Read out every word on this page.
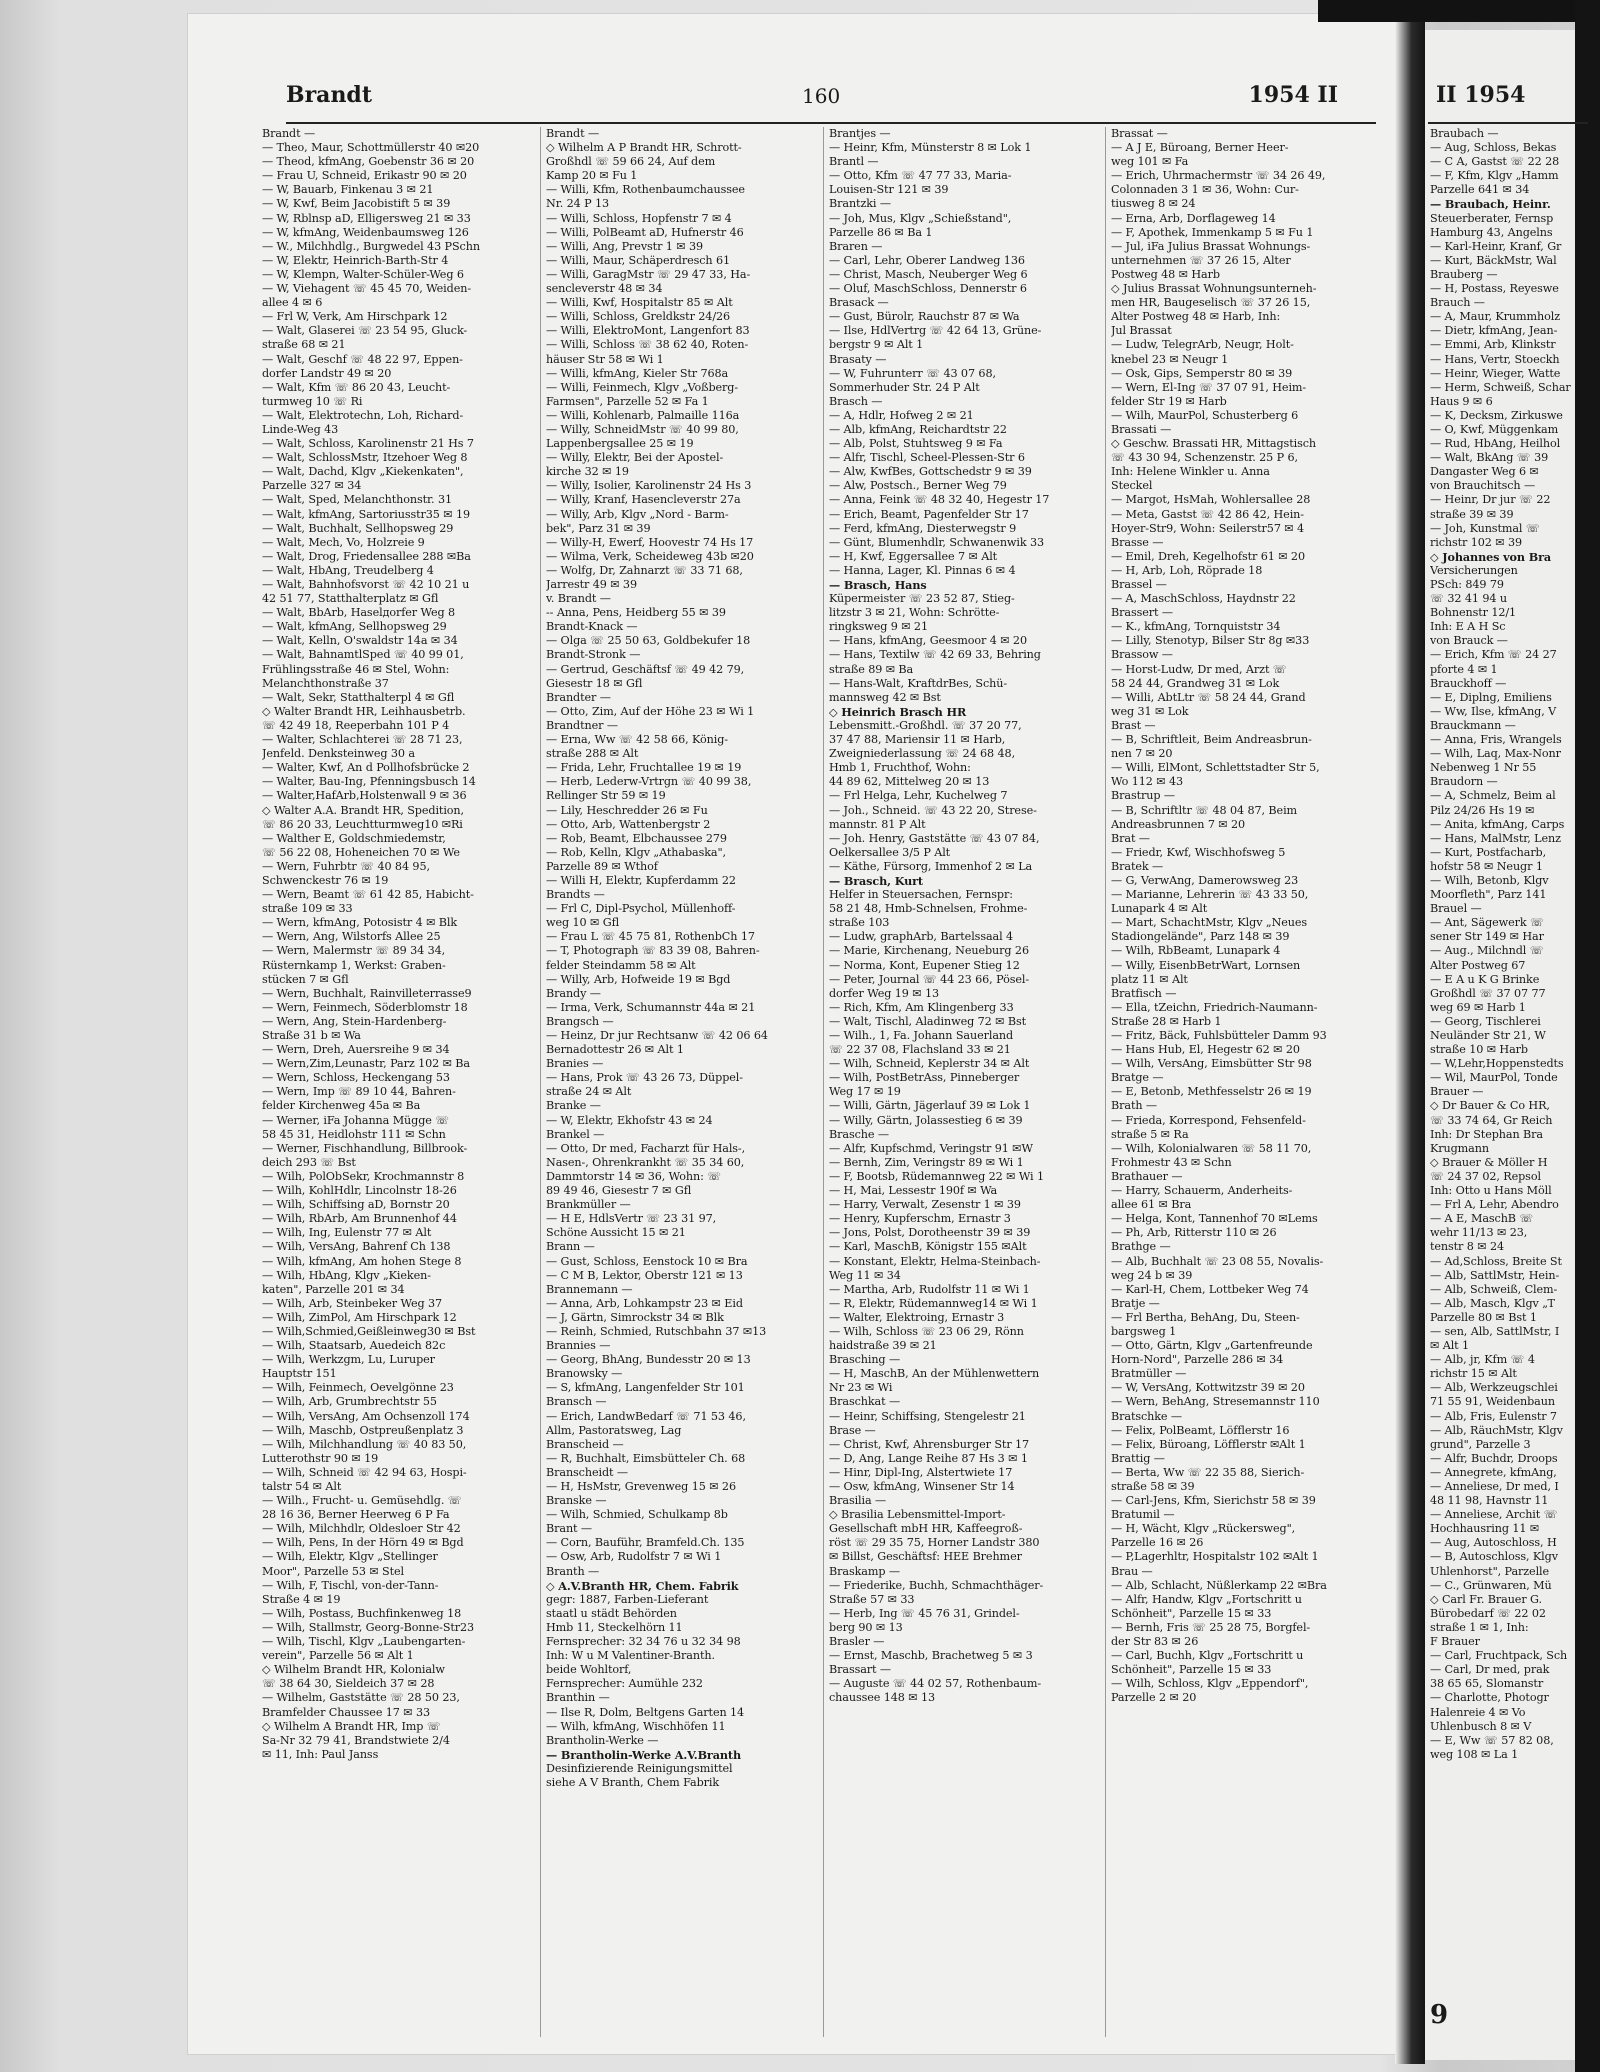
Brandt	160	1954 II	II 1954
Brandt —
— Theo, Maur, Schottmüllerstr 40 ✉20
— Theod, kfmAng, Goebenstr 36 ✉ 20
— Frau U, Schneid, Erikastr 90 ✉ 20
— W, Bauarb, Finkenau 3 ✉ 21
— W, Kwf, Beim Jacobistift 5 ✉ 39
— W, Rblnsp aD, Elligersweg 21 ✉ 33
— W, kfmAng, Weidenbaumsweg 126
— W., Milchhdlg., Burgwedel 43 PSchn
— W, Elektr, Heinrich-Barth-Str 4
— W, Klempn, Walter-Schüler-Weg 6
— W, Viehagent ☏ 45 45 70, Weiden-
allee 4 ✉ 6
— Frl W, Verk, Am Hirschpark 12
— Walt, Glaserei ☏ 23 54 95, Gluck-
straße 68 ✉ 21
— Walt, Geschf ☏ 48 22 97, Eppen-
dorfer Landstr 49 ✉ 20
— Walt, Kfm ☏ 86 20 43, Leucht-
turmweg 10 ☏ Ri
— Walt, Elektrotechn, Loh, Richard-
Linde-Weg 43
— Walt, Schloss, Karolinenstr 21 Hs 7
— Walt, SchlossMstr, Itzehoer Weg 8
— Walt, Dachd, Klgv „Kiekenkaten",
Parzelle 327 ✉ 34
— Walt, Sped, Melanchthonstr. 31
— Walt, kfmAng, Sartoriusstr35 ✉ 19
— Walt, Buchhalt, Sellhopsweg 29
— Walt, Mech, Vo, Holzreie 9
— Walt, Drog, Friedensallee 288 ✉Ba
— Walt, HbAng, Treudelberg 4
— Walt, Bahnhofsvorst ☏ 42 10 21 u
42 51 77, Statthalterplatz ✉ Gfl
— Walt, BbArb, Haselдorfer Weg 8
— Walt, kfmAng, Sellhopsweg 29
— Walt, Kelln, O'swaldstr 14a ✉ 34
— Walt, BahnamtlSped ☏ 40 99 01,
Frühlingsstraße 46 ✉ Stel, Wohn:
Melanchthonstraße 37
— Walt, Sekr, Statthalterpl 4 ✉ Gfl
◇ Walter Brandt HR, Leihhausbetrb.
☏ 42 49 18, Reeperbahn 101 P 4
— Walter, Schlachterei ☏ 28 71 23,
Jenfeld. Denksteinweg 30 a
— Walter, Kwf, An d Pollhofsbrücke 2
— Walter, Bau-Ing, Pfenningsbusch 14
— Walter,HafArb,Holstenwall 9 ✉ 36
◇ Walter A.A. Brandt HR, Spedition,
☏ 86 20 33, Leuchtturmweg10 ✉Ri
— Walther E, Goldschmiedemstr,
☏ 56 22 08, Hoheneichen 70 ✉ We
— Wern, Fuhrbtr ☏ 40 84 95,
Schwenckestr 76 ✉ 19
— Wern, Beamt ☏ 61 42 85, Habicht-
straße 109 ✉ 33
— Wern, kfmAng, Potosistr 4 ✉ Blk
— Wern, Ang, Wilstorfs Allee 25
— Wern, Malermstr ☏ 89 34 34,
Rüsternkamp 1, Werkst: Graben-
stücken 7 ✉ Gfl
— Wern, Buchhalt, Rainvilleterrasse9
— Wern, Feinmech, Söderblomstr 18
— Wern, Ang, Stein-Hardenberg-
Straße 31 b ✉ Wa
— Wern, Dreh, Auersreihe 9 ✉ 34
— Wern,Zim,Leunastr, Parz 102 ✉ Ba
— Wern, Schloss, Heckengang 53
— Wern, Imp ☏ 89 10 44, Bahren-
felder Kirchenweg 45a ✉ Ba
— Werner, iFa Johanna Mügge ☏
58 45 31, Heidlohstr 111 ✉ Schn
— Werner, Fischhandlung, Billbrook-
deich 293 ☏ Bst
— Wilh, PolObSekr, Krochmannstr 8
— Wilh, KohlHdlr, Lincolnstr 18-26
— Wilh, Schiffsing aD, Bornstr 20
— Wilh, RbArb, Am Brunnenhof 44
— Wilh, Ing, Eulenstr 77 ✉ Alt
— Wilh, VersAng, Bahrenf Ch 138
— Wilh, kfmAng, Am hohen Stege 8
— Wilh, HbAng, Klgv „Kieken-
katen", Parzelle 201 ✉ 34
— Wilh, Arb, Steinbeker Weg 37
— Wilh, ZimPol, Am Hirschpark 12
— Wilh,Schmied,Geißleinweg30 ✉ Bst
— Wilh, Staatsarb, Auedeich 82c
— Wilh, Werkzgm, Lu, Luruper
Hauptstr 151
— Wilh, Feinmech, Oevelgönne 23
— Wilh, Arb, Grumbrechtstr 55
— Wilh, VersAng, Am Ochsenzoll 174
— Wilh, Maschb, Ostpreußenplatz 3
— Wilh, Milchhandlung ☏ 40 83 50,
Lutterothstr 90 ✉ 19
— Wilh, Schneid ☏ 42 94 63, Hospi-
talstr 54 ✉ Alt
— Wilh., Frucht- u. Gemüsehdlg. ☏
28 16 36, Berner Heerweg 6 P Fa
— Wilh, Milchhdlr, Oldesloer Str 42
— Wilh, Pens, In der Hörn 49 ✉ Bgd
— Wilh, Elektr, Klgv „Stellinger
Moor", Parzelle 53 ✉ Stel
— Wilh, F, Tischl, von-der-Tann-
Straße 4 ✉ 19
— Wilh, Postass, Buchfinkenweg 18
— Wilh, Stallmstr, Georg-Bonne-Str23
— Wilh, Tischl, Klgv „Laubengarten-
verein", Parzelle 56 ✉ Alt 1
◇ Wilhelm Brandt HR, Kolonialw
☏ 38 64 30, Sieldeich 37 ✉ 28
— Wilhelm, Gaststätte ☏ 28 50 23,
Bramfelder Chaussee 17 ✉ 33
◇ Wilhelm A Brandt HR, Imp ☏
Sa-Nr 32 79 41, Brandstwiete 2/4
✉ 11, Inh: Paul Janss
Brandt —
◇ Wilhelm A P Brandt HR, Schrott-
Großhdl ☏ 59 66 24, Auf dem
Kamp 20 ✉ Fu 1
— Willi, Kfm, Rothenbaumchaussee
Nr. 24 P 13
— Willi, Schloss, Hopfenstr 7 ✉ 4
— Willi, PolBeamt aD, Hufnerstr 46
— Willi, Ang, Prevstr 1 ✉ 39
— Willi, Maur, Schäperdresch 61
— Willi, GaragMstr ☏ 29 47 33, Ha-
sencleverstr 48 ✉ 34
— Willi, Kwf, Hospitalstr 85 ✉ Alt
— Willi, Schloss, Greldkstr 24/26
— Willi, ElektroMont, Langenfort 83
— Willi, Schloss ☏ 38 62 40, Roten-
häuser Str 58 ✉ Wi 1
— Willi, kfmAng, Kieler Str 768a
— Willi, Feinmech, Klgv „Voßberg-
Farmsen", Parzelle 52 ✉ Fa 1
— Willi, Kohlenarb, Palmaille 116a
— Willy, SchneidMstr ☏ 40 99 80,
Lappenbergsallee 25 ✉ 19
— Willy, Elektr, Bei der Apostel-
kirche 32 ✉ 19
— Willy, Isolier, Karolinenstr 24 Hs 3
— Willy, Kranf, Hasencleverstr 27a
— Willy, Arb, Klgv „Nord - Barm-
bek", Parz 31 ✉ 39
— Willy-H, Ewerf, Hoovestr 74 Hs 17
— Wilma, Verk, Scheideweg 43b ✉20
— Wolfg, Dr, Zahnarzt ☏ 33 71 68,
Jarrestr 49 ✉ 39
v. Brandt —
-- Anna, Pens, Heidberg 55 ✉ 39
Brandt-Knack —
— Olga ☏ 25 50 63, Goldbekufer 18
Brandt-Stronk —
— Gertrud, Geschäftsf ☏ 49 42 79,
Giesestr 18 ✉ Gfl
Brandter —
— Otto, Zim, Auf der Höhe 23 ✉ Wi 1
Brandtner —
— Erna, Ww ☏ 42 58 66, König-
straße 288 ✉ Alt
— Frida, Lehr, Fruchtallee 19 ✉ 19
— Herb, Lederw-Vrtrgn ☏ 40 99 38,
Rellinger Str 59 ✉ 19
— Lily, Heschredder 26 ✉ Fu
— Otto, Arb, Wattenbergstr 2
— Rob, Beamt, Elbchaussee 279
— Rob, Kelln, Klgv „Athabaska",
Parzelle 89 ✉ Wthof
— Willi H, Elektr, Kupferdamm 22
Brandts —
— Frl C, Dipl-Psychol, Müllenhoff-
weg 10 ✉ Gfl
— Frau L ☏ 45 75 81, RothenbCh 17
— T, Photograph ☏ 83 39 08, Bahren-
felder Steindamm 58 ✉ Alt
— Willy, Arb, Hofweide 19 ✉ Bgd
Brandy —
— Irma, Verk, Schumannstr 44a ✉ 21
Brangsch —
— Heinz, Dr jur Rechtsanw ☏ 42 06 64
Bernadottestr 26 ✉ Alt 1
Branies —
— Hans, Prok ☏ 43 26 73, Düppel-
straße 24 ✉ Alt
Branke —
— W, Elektr, Ekhofstr 43 ✉ 24
Brankel —
— Otto, Dr med, Facharzt für Hals-,
Nasen-, Ohrenkrankht ☏ 35 34 60,
Dammtorstr 14 ✉ 36, Wohn: ☏
89 49 46, Giesestr 7 ✉ Gfl
Brankmüller —
— H E, HdlsVertr ☏ 23 31 97,
Schöne Aussicht 15 ✉ 21
Brann —
— Gust, Schloss, Eenstock 10 ✉ Bra
— C M B, Lektor, Oberstr 121 ✉ 13
Brannemann —
— Anna, Arb, Lohkampstr 23 ✉ Eid
— J, Gärtn, Simrockstr 34 ✉ Blk
— Reinh, Schmied, Rutschbahn 37 ✉13
Brannies —
— Georg, BhAng, Bundesstr 20 ✉ 13
Branowsky —
— S, kfmAng, Langenfelder Str 101
Bransch —
— Erich, LandwBedarf ☏ 71 53 46,
Allm, Pastoratsweg, Lag
Branscheid —
— R, Buchhalt, Eimsbütteler Ch. 68
Branscheidt —
— H, HsMstr, Grevenweg 15 ✉ 26
Branske —
— Wilh, Schmied, Schulkamp 8b
Brant —
— Corn, Bauführ, Bramfeld.Ch. 135
— Osw, Arb, Rudolfstr 7 ✉ Wi 1
Branth —
◇ A.V.Branth HR, Chem. Fabrik
gegr: 1887, Farben-Lieferant
staatl u städt Behörden
Hmb 11, Steckelhörn 11
Fernsprecher: 32 34 76 u 32 34 98
Inh: W u M Valentiner-Branth.
beide Wohltorf,
Fernsprecher: Aumühle 232
Branthin —
— Ilse R, Dolm, Beltgens Garten 14
— Wilh, kfmAng, Wischhöfen 11
Brantholin-Werke —
— Brantholin-Werke A.V.Branth
Desinfizierende Reinigungsmittel
siehe A V Branth, Chem Fabrik
Brantjes —
— Heinr, Kfm, Münsterstr 8 ✉ Lok 1
Brantl —
— Otto, Kfm ☏ 47 77 33, Maria-
Louisen-Str 121 ✉ 39
Brantzki —
— Joh, Mus, Klgv „Schießstand",
Parzelle 86 ✉ Ba 1
Braren —
— Carl, Lehr, Oberer Landweg 136
— Christ, Masch, Neuberger Weg 6
— Oluf, MaschSchloss, Dennerstr 6
Brasack —
— Gust, Bürolr, Rauchstr 87 ✉ Wa
— Ilse, HdlVertrg ☏ 42 64 13, Grüne-
bergstr 9 ✉ Alt 1
Brasaty —
— W, Fuhrunterr ☏ 43 07 68,
Sommerhuder Str. 24 P Alt
Brasch —
— A, Hdlr, Hofweg 2 ✉ 21
— Alb, kfmAng, Reichardtstr 22
— Alb, Polst, Stuhtsweg 9 ✉ Fa
— Alfr, Tischl, Scheel-Plessen-Str 6
— Alw, KwfBes, Gottschedstr 9 ✉ 39
— Alw, Postsch., Berner Weg 79
— Anna, Feink ☏ 48 32 40, Hegestr 17
— Erich, Beamt, Pagenfelder Str 17
— Ferd, kfmAng, Diesterwegstr 9
— Günt, Blumenhdlr, Schwanenwik 33
— H, Kwf, Eggersallee 7 ✉ Alt
— Hanna, Lager, Kl. Pinnas 6 ✉ 4
— Brasch, Hans
Küpermeister ☏ 23 52 87, Stieg-
litzstr 3 ✉ 21, Wohn: Schrötte-
ringksweg 9 ✉ 21
— Hans, kfmAng, Geesmoor 4 ✉ 20
— Hans, Textilw ☏ 42 69 33, Behring
straße 89 ✉ Ba
— Hans-Walt, KraftdrBes, Schü-
mannsweg 42 ✉ Bst
◇ Heinrich Brasch HR
Lebensmitt.-Großhdl. ☏ 37 20 77,
37 47 88, Mariensir 11 ✉ Harb,
Zweigniederlassung ☏ 24 68 48,
Hmb 1, Fruchthof, Wohn:
44 89 62, Mittelweg 20 ✉ 13
— Frl Helga, Lehr, Kuchelweg 7
— Joh., Schneid. ☏ 43 22 20, Strese-
mannstr. 81 P Alt
— Joh. Henry, Gaststätte ☏ 43 07 84,
Oelkersallee 3/5 P Alt
— Käthe, Fürsorg, Immenhof 2 ✉ La
— Brasch, Kurt
Helfer in Steuersachen, Fernspr:
58 21 48, Hmb-Schnelsen, Frohme-
straße 103
— Ludw, graphArb, Bartelssaal 4
— Marie, Kirchenang, Neueburg 26
— Norma, Kont, Eupener Stieg 12
— Peter, Journal ☏ 44 23 66, Pösel-
dorfer Weg 19 ✉ 13
— Rich, Kfm, Am Klingenberg 33
— Walt, Tischl, Aladinweg 72 ✉ Bst
— Wilh., 1, Fa. Johann Sauerland
☏ 22 37 08, Flachsland 33 ✉ 21
— Wilh, Schneid, Keplerstr 34 ✉ Alt
— Wilh, PostBetrAss, Pinneberger
Weg 17 ✉ 19
— Willi, Gärtn, Jägerlauf 39 ✉ Lok 1
— Willy, Gärtn, Jolassestieg 6 ✉ 39
Brasche —
— Alfr, Kupfschmd, Veringstr 91 ✉W
— Bernh, Zim, Veringstr 89 ✉ Wi 1
— F, Bootsb, Rüdemannweg 22 ✉ Wi 1
— H, Mai, Lessestr 190f ✉ Wa
— Harry, Verwalt, Zesenstr 1 ✉ 39
— Henry, Kupferschm, Ernastr 3
— Jons, Polst, Dorotheenstr 39 ✉ 39
— Karl, MaschB, Königstr 155 ✉Alt
— Konstant, Elektr, Helma-Steinbach-
Weg 11 ✉ 34
— Martha, Arb, Rudolfstr 11 ✉ Wi 1
— R, Elektr, Rüdemannweg14 ✉ Wi 1
— Walter, Elektroing, Ernastr 3
— Wilh, Schloss ☏ 23 06 29, Rönn
haidstraße 39 ✉ 21
Brasching —
— H, MaschB, An der Mühlenwettern
Nr 23 ✉ Wi
Braschkat —
— Heinr, Schiffsing, Stengelestr 21
Brase —
— Christ, Kwf, Ahrensburger Str 17
— D, Ang, Lange Reihe 87 Hs 3 ✉ 1
— Hinr, Dipl-Ing, Alstertwiete 17
— Osw, kfmAng, Winsener Str 14
Brasilia —
◇ Brasilia Lebensmittel-Import-
Gesellschaft mbH HR, Kaffeegroß-
röst ☏ 29 35 75, Horner Landstr 380
✉ Billst, Geschäftsf: HEE Brehmer
Braskamp —
— Friederike, Buchh, Schmachthäger-
Straße 57 ✉ 33
— Herb, Ing ☏ 45 76 31, Grindel-
berg 90 ✉ 13
Brasler —
— Ernst, Maschb, Brachetweg 5 ✉ 3
Brassart —
— Auguste ☏ 44 02 57, Rothenbaum-
chaussee 148 ✉ 13
Brassat —
— A J E, Büroang, Berner Heer-
weg 101 ✉ Fa
— Erich, Uhrmachermstr ☏ 34 26 49,
Colonnaden 3 1 ✉ 36, Wohn: Cur-
tiusweg 8 ✉ 24
— Erna, Arb, Dorflageweg 14
— F, Apothek, Immenkamp 5 ✉ Fu 1
— Jul, iFa Julius Brassat Wohnungs-
unternehmen ☏ 37 26 15, Alter
Postweg 48 ✉ Harb
◇ Julius Brassat Wohnungsunterneh-
men HR, Baugeselisch ☏ 37 26 15,
Alter Postweg 48 ✉ Harb, Inh:
Jul Brassat
— Ludw, TelegrArb, Neugr, Holt-
knebel 23 ✉ Neugr 1
— Osk, Gips, Semperstr 80 ✉ 39
— Wern, El-Ing ☏ 37 07 91, Heim-
felder Str 19 ✉ Harb
— Wilh, MaurPol, Schusterberg 6
Brassati —
◇ Geschw. Brassati HR, Mittagstisch
☏ 43 30 94, Schenzenstr. 25 P 6,
Inh: Helene Winkler u. Anna
Steckel
— Margot, HsMah, Wohlersallee 28
— Meta, Gastst ☏ 42 86 42, Hein-
Hoyer-Str9, Wohn: Seilerstr57 ✉ 4
Brasse —
— Emil, Dreh, Kegelhofstr 61 ✉ 20
— H, Arb, Loh, Röprade 18
Brassel —
— A, MaschSchloss, Haydnstr 22
Brassert —
— K., kfmAng, Tornquiststr 34
— Lilly, Stenotyp, Bilser Str 8g ✉33
Brassow —
— Horst-Ludw, Dr med, Arzt ☏
58 24 44, Grandweg 31 ✉ Lok
— Willi, AbtLtr ☏ 58 24 44, Grand
weg 31 ✉ Lok
Brast —
— B, Schriftleit, Beim Andreasbrun-
nen 7 ✉ 20
— Willi, ElMont, Schlettstadter Str 5,
Wo 112 ✉ 43
Brastrup —
— B, Schriftltr ☏ 48 04 87, Beim
Andreasbrunnen 7 ✉ 20
Brat —
— Friedr, Kwf, Wischhofsweg 5
Bratek —
— G, VerwAng, Damerowsweg 23
— Marianne, Lehrerin ☏ 43 33 50,
Lunapark 4 ✉ Alt
— Mart, SchachtMstr, Klgv „Neues
Stadiongelände", Parz 148 ✉ 39
— Wilh, RbBeamt, Lunapark 4
— Willy, EisenbBetrWart, Lornsen
platz 11 ✉ Alt
Bratfisch —
— Ella, tZeichn, Friedrich-Naumann-
Straße 28 ✉ Harb 1
— Fritz, Bäck, Fuhlsbütteler Damm 93
— Hans Hub, El, Hegestr 62 ✉ 20
— Wilh, VersAng, Eimsbütter Str 98
Bratge —
— E, Betonb, Methfesselstr 26 ✉ 19
Brath —
— Frieda, Korrespond, Fehsenfeld-
straße 5 ✉ Ra
— Wilh, Kolonialwaren ☏ 58 11 70,
Frohmestr 43 ✉ Schn
Brathauer —
— Harry, Schauerm, Anderheits-
allee 61 ✉ Bra
— Helga, Kont, Tannenhof 70 ✉Lems
— Ph, Arb, Ritterstr 110 ✉ 26
Brathge —
— Alb, Buchhalt ☏ 23 08 55, Novalis-
weg 24 b ✉ 39
— Karl-H, Chem, Lottbeker Weg 74
Bratje —
— Frl Bertha, BehAng, Du, Steen-
bargsweg 1
— Otto, Gärtn, Klgv „Gartenfreunde
Horn-Nord", Parzelle 286 ✉ 34
Bratmüller —
— W, VersAng, Kottwitzstr 39 ✉ 20
— Wern, BehAng, Stresemannstr 110
Bratschke —
— Felix, PolBeamt, Löfflerstr 16
— Felix, Büroang, Löfflerstr ✉Alt 1
Brattig —
— Berta, Ww ☏ 22 35 88, Sierich-
straße 58 ✉ 39
— Carl-Jens, Kfm, Sierichstr 58 ✉ 39
Bratumil —
— H, Wächt, Klgv „Rückersweg",
Parzelle 16 ✉ 26
— P,Lagerhltr, Hospitalstr 102 ✉Alt 1
Brau —
— Alb, Schlacht, Nüßlerkamp 22 ✉Bra
— Alfr, Handw, Klgv „Fortschritt u
Schönheit", Parzelle 15 ✉ 33
— Bernh, Fris ☏ 25 28 75, Borgfel-
der Str 83 ✉ 26
— Carl, Buchh, Klgv „Fortschritt u
Schönheit", Parzelle 15 ✉ 33
— Wilh, Schloss, Klgv „Eppendorf",
Parzelle 2 ✉ 20
Braubach —
— Aug, Schloss, Bekas
— C A, Gastst ☏ 22 28
— F, Kfm, Klgv „Hamm
Parzelle 641 ✉ 34
— Braubach, Heinr.
Steuerberater, Fernsp
Hamburg 43, Angelns
— Karl-Heinr, Kranf, Gr
— Kurt, BäckMstr, Wal
Brauberg —
— H, Postass, Reyeswe
Brauch —
— A, Maur, Krummholz
— Dietr, kfmAng, Jean-
— Emmi, Arb, Klinkstr
— Hans, Vertr, Stoeckh
— Heinr, Wieger, Watte
— Herm, Schweiß, Schar
Haus 9 ✉ 6
— K, Decksm, Zirkuswe
— O, Kwf, Müggenkam
— Rud, HbAng, Heilhol
— Walt, BkAng ☏ 39
Dangaster Weg 6 ✉
von Brauchitsch —
— Heinr, Dr jur ☏ 22
straße 39 ✉ 39
— Joh, Kunstmal ☏
richstr 102 ✉ 39
◇ Johannes von Bra
Versicherungen
PSch: 849 79
☏ 32 41 94 u
Bohnenstr 12/1
Inh: E A H Sc
von Brauck —
— Erich, Kfm ☏ 24 27
pforte 4 ✉ 1
Brauckhoff —
— E, Diplng, Emiliens
— Ww, Ilse, kfmAng, V
Brauckmann —
— Anna, Fris, Wrangels
— Wilh, Laq, Max-Nonr
Nebenweg 1 Nr 55
Braudorn —
— A, Schmelz, Beim al
Pilz 24/26 Hs 19 ✉
— Anita, kfmAng, Carps
— Hans, MalMstr, Lenz
— Kurt, Postfacharb,
hofstr 58 ✉ Neugr 1
— Wilh, Betonb, Klgv
Moorfleth", Parz 141
Brauel —
— Ant, Sägewerk ☏
sener Str 149 ✉ Har
— Aug., Milchndl ☏
Alter Postweg 67
— E A u K G Brinke
Großhdl ☏ 37 07 77
weg 69 ✉ Harb 1
— Georg, Tischlerei
Neuländer Str 21, W
straße 10 ✉ Harb
— W,Lehr,Hoppenstedts
— Wil, MaurPol, Tonde
Brauer —
◇ Dr Bauer & Co HR,
☏ 33 74 64, Gr Reich
Inh: Dr Stephan Bra
Krugmann
◇ Brauer & Möller H
☏ 24 37 02, Repsol
Inh: Otto u Hans Möll
— Frl A, Lehr, Abendro
— A E, MaschB ☏
wehr 11/13 ✉ 23,
tenstr 8 ✉ 24
— Ad,Schloss, Breite St
— Alb, SattlMstr, Hein-
— Alb, Schweiß, Clem-
— Alb, Masch, Klgv „T
Parzelle 80 ✉ Bst 1
— sen, Alb, SattlMstr, I
✉ Alt 1
— Alb, jr, Kfm ☏ 4
richstr 15 ✉ Alt
— Alb, Werkzeugschlei
71 55 91, Weidenbaun
— Alb, Fris, Eulenstr 7
— Alb, RäuchMstr, Klgv
grund", Parzelle 3
— Alfr, Buchdr, Droops
— Annegrete, kfmAng,
— Anneliese, Dr med, I
48 11 98, Havnstr 11
— Anneliese, Archit ☏
Hochhausring 11 ✉
— Aug, Autoschloss, H
— B, Autoschloss, Klgv
Uhlenhorst", Parzelle
— C., Grünwaren, Mü
◇ Carl Fr. Brauer G.
Bürobedarf ☏ 22 02
straße 1 ✉ 1, Inh:
F Brauer
— Carl, Fruchtpack, Sch
— Carl, Dr med, prak
38 65 65, Slomanstr
— Charlotte, Photogr
Halenreie 4 ✉ Vo
Uhlenbusch 8 ✉ V
— E, Ww ☏ 57 82 08,
weg 108 ✉ La 1
9
